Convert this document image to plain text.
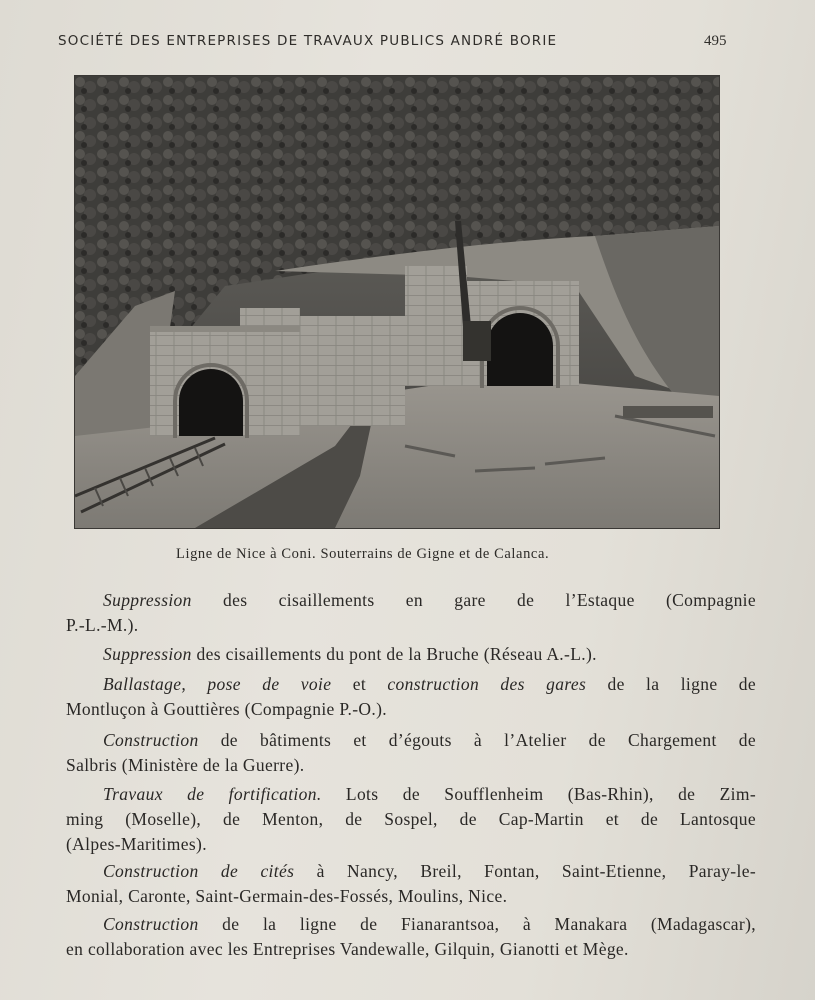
SOCIÉTÉ DES ENTREPRISES DE TRAVAUX PUBLICS ANDRÉ BORIE	495
Ligne de Nice à Coni. Souterrains de Gigne et de Calanca.
Suppression des cisaillements en gare de l’Estaque (Compagnie
P.-L.-M.).
Suppression des cisaillements du pont de la Bruche (Réseau A.-L.).
Ballastage, pose de voie et construction des gares de la ligne de
Montluçon à Gouttières (Compagnie P.-O.).
Construction de bâtiments et d’égouts à l’Atelier de Chargement de
Salbris (Ministère de la Guerre).
Travaux de fortification. Lots de Soufflenheim (Bas-Rhin), de Zim-
ming (Moselle), de Menton, de Sospel, de Cap-Martin et de Lantosque
(Alpes-Maritimes).
Construction de cités à Nancy, Breil, Fontan, Saint-Etienne, Paray-le-
Monial, Caronte, Saint-Germain-des-Fossés, Moulins, Nice.
Construction de la ligne de Fianarantsoa, à Manakara (Madagascar),
en collaboration avec les Entreprises Vandewalle, Gilquin, Gianotti et Mège.
